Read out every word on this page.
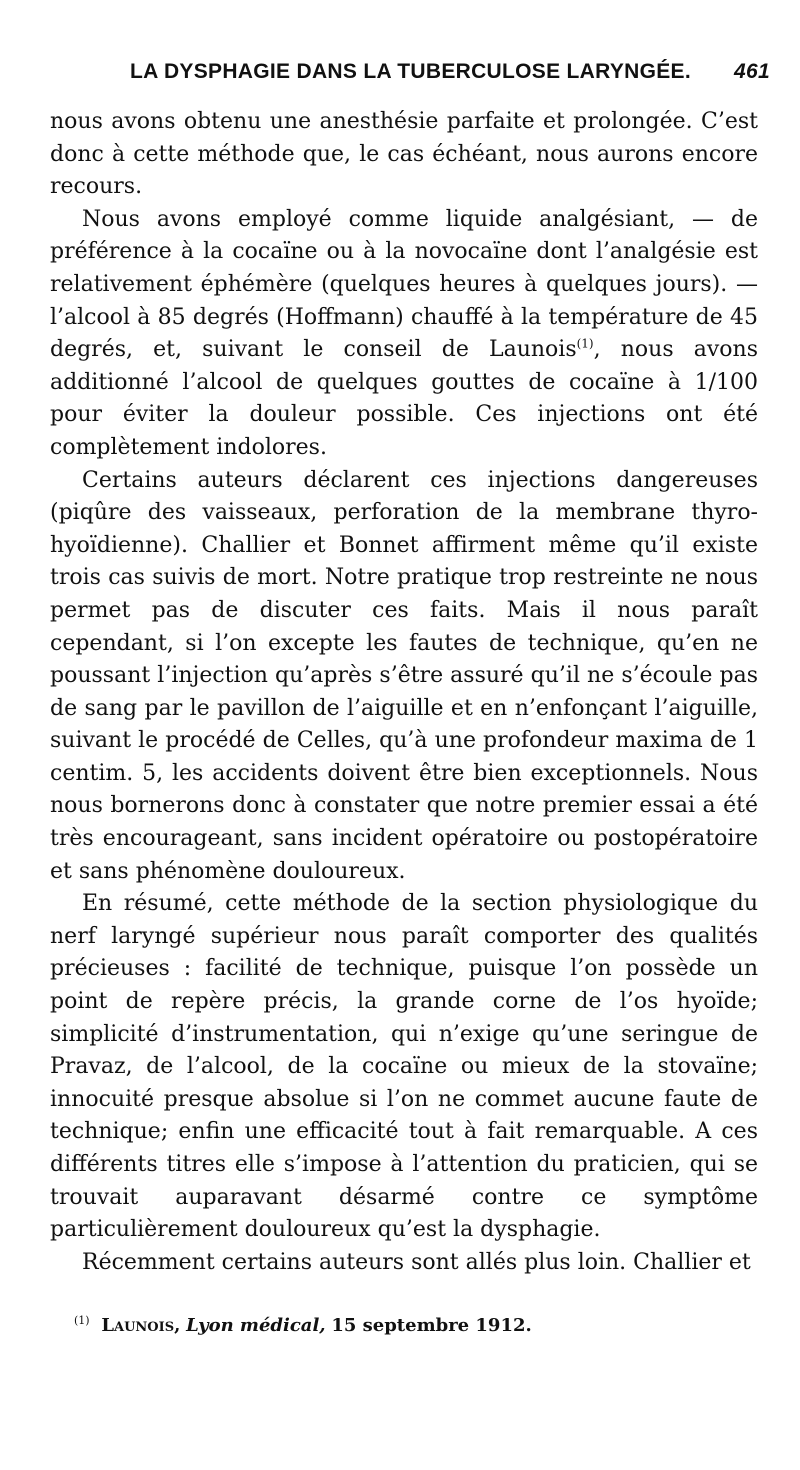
LA DYSPHAGIE DANS LA TUBERCULOSE LARYNGÉE. 461

nous avons obtenu une anesthésie parfaite et prolongée. C’est donc à cette méthode que, le cas échéant, nous aurons encore recours.

Nous avons employé comme liquide analgésiant, — de préférence à la cocaïne ou à la novocaïne dont l’analgésie est relativement éphémère (quelques heures à quelques jours). — l’alcool à 85 degrés (Hoffmann) chauffé à la température de 45 degrés, et, suivant le conseil de Launois$^{(1)}$, nous avons additionné l’alcool de quelques gouttes de cocaïne à 1/100 pour éviter la douleur possible. Ces injections ont été complètement indolores.

Certains auteurs déclarent ces injections dangereuses (piqûre des vaisseaux, perforation de la membrane thyro-hyoïdienne). Challier et Bonnet affirment même qu’il existe trois cas suivis de mort. Notre pratique trop restreinte ne nous permet pas de discuter ces faits. Mais il nous paraît cependant, si l’on excepte les fautes de technique, qu’en ne poussant l’injection qu’après s’être assuré qu’il ne s’écoule pas de sang par le pavillon de l’aiguille et en n’enfonçant l’aiguille, suivant le procédé de Celles, qu’à une profondeur maxima de 1 centim. 5, les accidents doivent être bien exceptionnels. Nous nous bornerons donc à constater que notre premier essai a été très encourageant, sans incident opératoire ou postopératoire et sans phénomène douloureux.

En résumé, cette méthode de la section physiologique du nerf laryngé supérieur nous paraît comporter des qualités précieuses : facilité de technique, puisque l’on possède un point de repère précis, la grande corne de l’os hyoïde; simplicité d’instrumentation, qui n’exige qu’une seringue de Pravaz, de l’alcool, de la cocaïne ou mieux de la stovaïne; innocuité presque absolue si l’on ne commet aucune faute de technique; enfin une efficacité tout à fait remarquable. A ces différents titres elle s’impose à l’attention du praticien, qui se trouvait auparavant désarmé contre ce symptôme particulièrement douloureux qu’est la dysphagie.

Récemment certains auteurs sont allés plus loin. Challier et

$^{(1)}$ Launois, Lyon médical, 15 septembre 1912.
